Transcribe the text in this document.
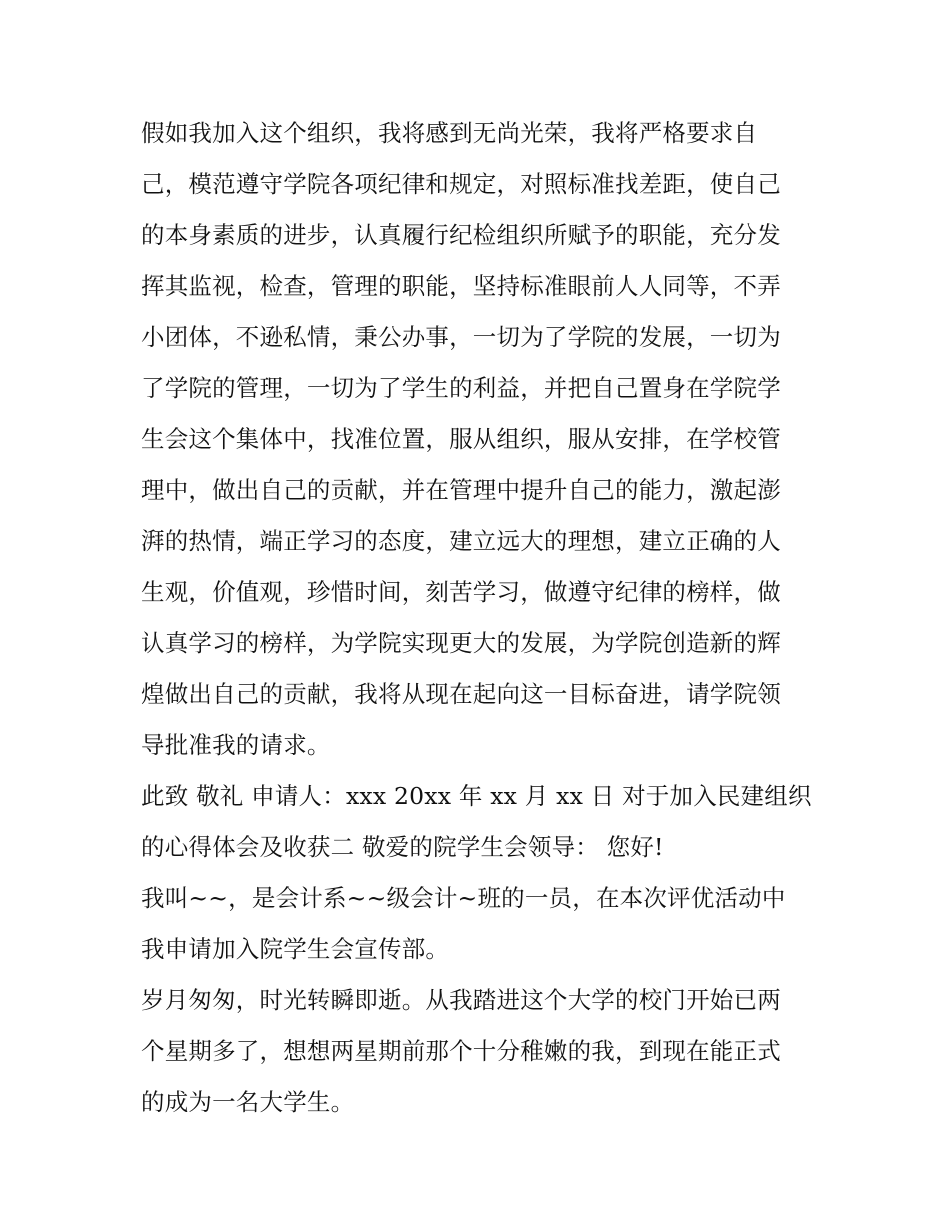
假如我加入这个组织，我将感到无尚光荣，我将严格要求自
己，模范遵守学院各项纪律和规定，对照标准找差距，使自己
的本身素质的进步，认真履行纪检组织所赋予的职能，充分发
挥其监视，检查，管理的职能，坚持标准眼前人人同等，不弄
小团体，不逊私情，秉公办事，一切为了学院的发展，一切为
了学院的管理，一切为了学生的利益，并把自己置身在学院学
生会这个集体中，找准位置，服从组织，服从安排，在学校管
理中，做出自己的贡献，并在管理中提升自己的能力，激起澎
湃的热情，端正学习的态度，建立远大的理想，建立正确的人
生观，价值观，珍惜时间，刻苦学习，做遵守纪律的榜样，做
认真学习的榜样，为学院实现更大的发展，为学院创造新的辉
煌做出自己的贡献，我将从现在起向这一目标奋进，请学院领
导批准我的请求。
此致 敬礼 申请人：xxx 20xx 年 xx 月 xx 日 对于加入民建组织
的心得体会及收获二 敬爱的院学生会领导： 您好!
我叫~~，是会计系~~级会计~班的一员，在本次评优活动中
我申请加入院学生会宣传部。
岁月匆匆，时光转瞬即逝。从我踏进这个大学的校门开始已两
个星期多了，想想两星期前那个十分稚嫩的我，到现在能正式
的成为一名大学生。
